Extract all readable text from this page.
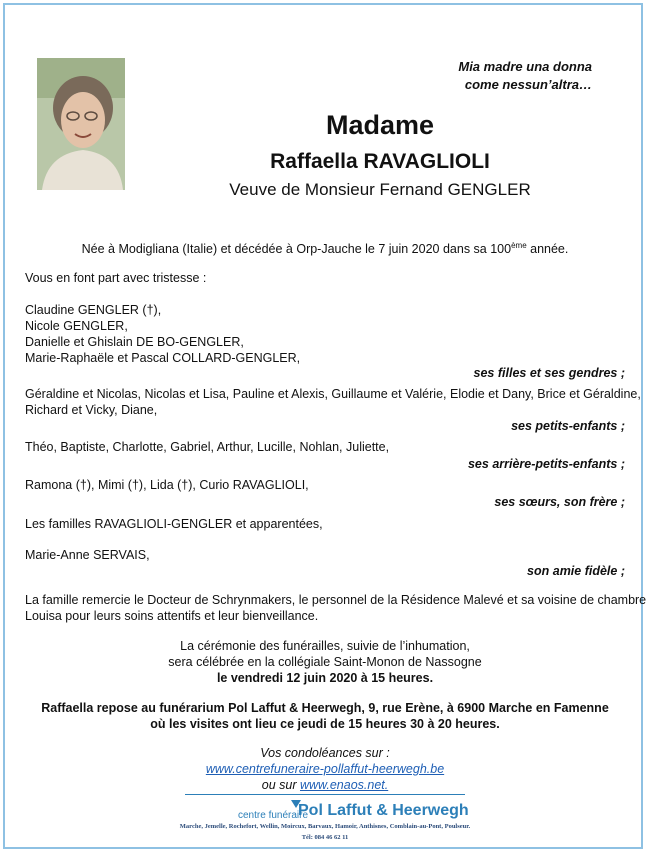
Mia madre una donna
come nessun’altra…
Madame
Raffaella RAVAGLIOLI
Veuve de Monsieur Fernand GENGLER
Née à Modigliana (Italie) et décédée à Orp-Jauche le 7 juin 2020 dans sa 100ème année.
Vous en font part avec tristesse :
Claudine GENGLER (†),
Nicole GENGLER,
Danielle et Ghislain DE BO-GENGLER,
Marie-Raphaële et Pascal COLLARD-GENGLER,
ses filles et ses gendres ;
Géraldine et Nicolas, Nicolas et Lisa, Pauline et Alexis, Guillaume et Valérie, Elodie et Dany, Brice et Géraldine,
Richard et Vicky, Diane,
ses petits-enfants ;
Théo, Baptiste, Charlotte, Gabriel, Arthur, Lucille, Nohlan, Juliette,
ses arrière-petits-enfants ;
Ramona (†), Mimi (†), Lida (†), Curio RAVAGLIOLI,
ses sœurs, son frère ;
Les familles RAVAGLIOLI-GENGLER et apparentées,
Marie-Anne SERVAIS,
son amie fidèle ;
La famille remercie le Docteur de Schrynmakers, le personnel de la Résidence Malevé et sa voisine de chambre
Louisa pour leurs soins attentifs et leur bienveillance.
La cérémonie des funérailles, suivie de l’inhumation,
sera célébrée en la collégiale Saint-Monon de Nassogne
le vendredi 12 juin 2020 à 15 heures.
Raffaella repose au funérarium Pol Laffut & Heerwegh, 9, rue Erène, à 6900 Marche en Famenne
où les visites ont lieu ce jeudi de 15 heures 30 à 20 heures.
Vos condoléances sur :
www.centrefuneraire-pollaffut-heerwegh.be
ou sur www.enaos.net.
centre funéraire
Pol Laffut & Heerwegh
Marche, Jemelle, Rochefort, Wellin, Moircux, Barvaux, Hamoir, Anthisnes, Comblain-au-Pont, Poulseur.
Tél: 084 46 62 11
